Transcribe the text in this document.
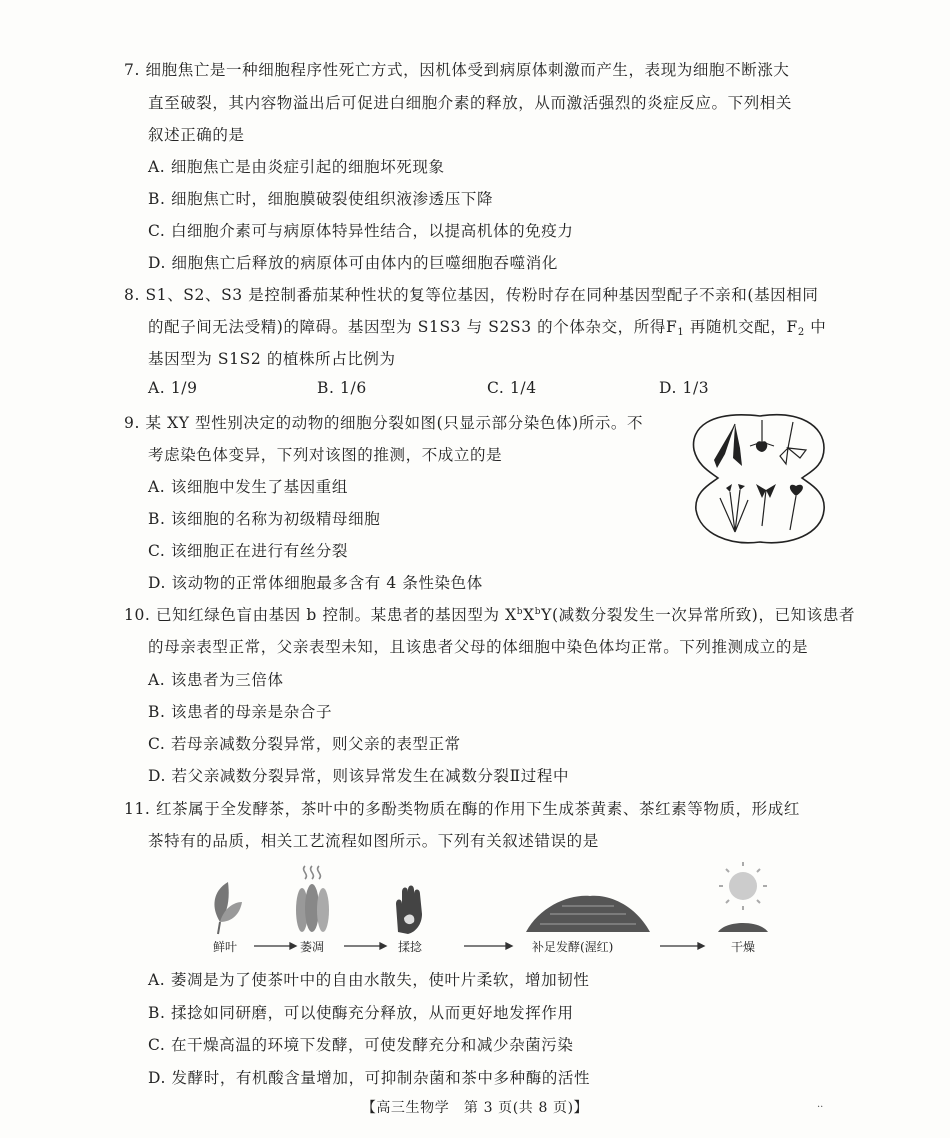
7. 细胞焦亡是一种细胞程序性死亡方式，因机体受到病原体刺激而产生，表现为细胞不断涨大
直至破裂，其内容物溢出后可促进白细胞介素的释放，从而激活强烈的炎症反应。下列相关
叙述正确的是
A. 细胞焦亡是由炎症引起的细胞坏死现象
B. 细胞焦亡时，细胞膜破裂使组织液渗透压下降
C. 白细胞介素可与病原体特异性结合，以提高机体的免疫力
D. 细胞焦亡后释放的病原体可由体内的巨噬细胞吞噬消化
8. S1、S2、S3 是控制番茄某种性状的复等位基因，传粉时存在同种基因型配子不亲和(基因相同
的配子间无法受精)的障碍。基因型为 S1S3 与 S2S3 的个体杂交，所得$F_1$ 再随机交配，$F_2$ 中
基因型为 S1S2 的植株所占比例为
A. 1/9	B. 1/6	C. 1/4	D. 1/3
9. 某 XY 型性别决定的动物的细胞分裂如图(只显示部分染色体)所示。不
考虑染色体变异，下列对该图的推测，不成立的是
A. 该细胞中发生了基因重组
B. 该细胞的名称为初级精母细胞
C. 该细胞正在进行有丝分裂
D. 该动物的正常体细胞最多含有 4 条性染色体
10. 已知红绿色盲由基因 b 控制。某患者的基因型为 $X^bX^bY$(减数分裂发生一次异常所致)，已知该患者
的母亲表型正常，父亲表型未知，且该患者父母的体细胞中染色体均正常。下列推测成立的是
A. 该患者为三倍体
B. 该患者的母亲是杂合子
C. 若母亲减数分裂异常，则父亲的表型正常
D. 若父亲减数分裂异常，则该异常发生在减数分裂Ⅱ过程中
11. 红茶属于全发酵茶，茶叶中的多酚类物质在酶的作用下生成茶黄素、茶红素等物质，形成红
茶特有的品质，相关工艺流程如图所示。下列有关叙述错误的是
鲜叶	萎凋	揉捻	补足发酵(渥红)	干燥
A. 萎凋是为了使茶叶中的自由水散失，使叶片柔软，增加韧性
B. 揉捻如同研磨，可以使酶充分释放，从而更好地发挥作用
C. 在干燥高温的环境下发酵，可使发酵充分和减少杂菌污染
D. 发酵时，有机酸含量增加，可抑制杂菌和茶中多种酶的活性
【高三生物学　第 3 页(共 8 页)】	··
